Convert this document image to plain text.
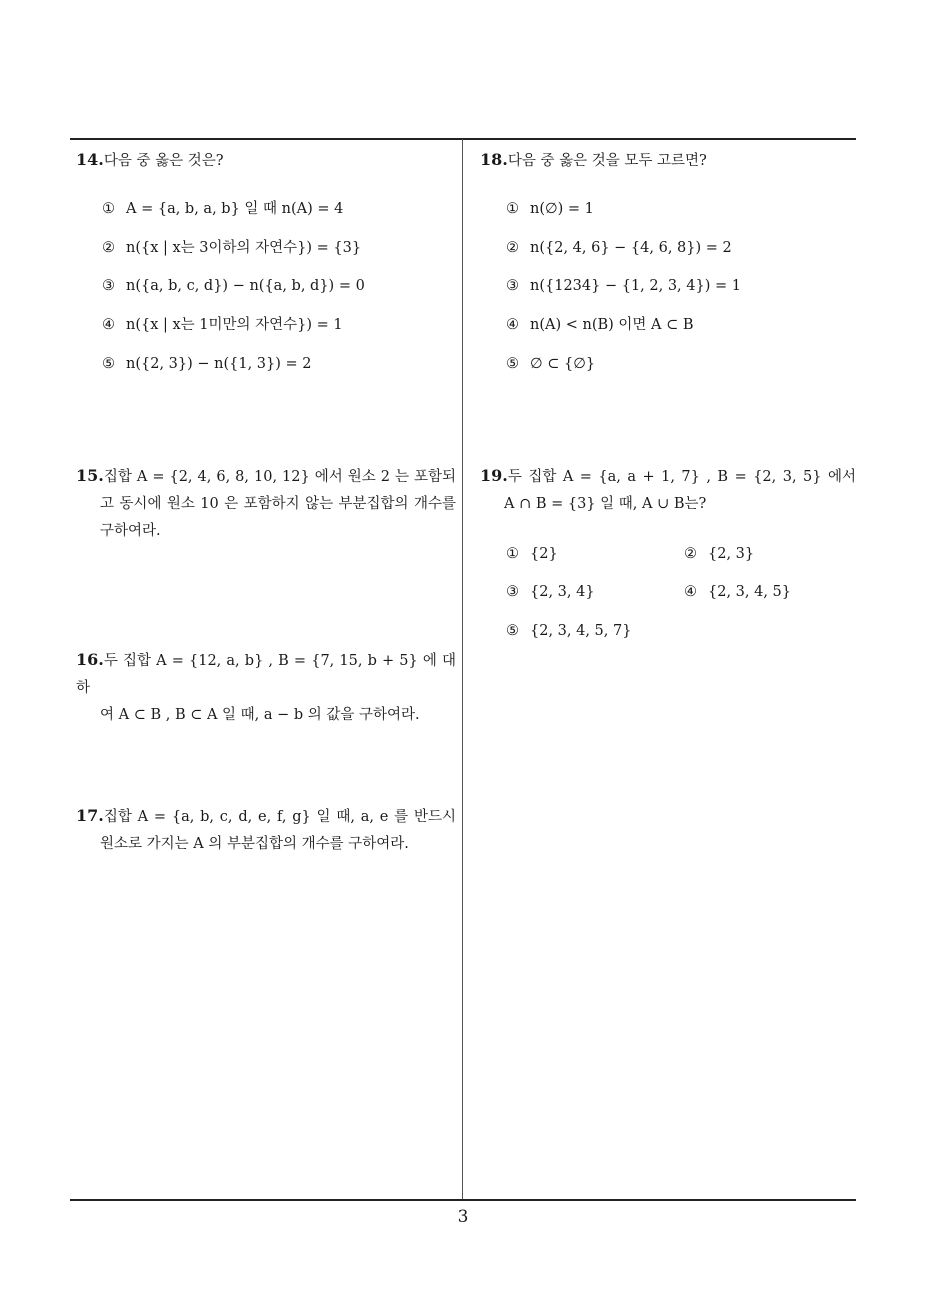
14.다음 중 옳은 것은?
① A = {a, b, a, b} 일 때 n(A) = 4
② n({x | x는 3이하의 자연수}) = {3}
③ n({a, b, c, d}) − n({a, b, d}) = 0
④ n({x | x는 1미만의 자연수}) = 1
⑤ n({2, 3}) − n({1, 3}) = 2
15.집합 A = {2, 4, 6, 8, 10, 12} 에서 원소 2 는 포함되
고 동시에 원소 10 은 포함하지 않는 부분집합의 개수를
구하여라.
16.두 집합 A = {12, a, b} , B = {7, 15, b + 5} 에 대하
여 A ⊂ B , B ⊂ A 일 때, a − b 의 값을 구하여라.
17.집합 A = {a, b, c, d, e, f, g} 일 때, a, e 를 반드시
원소로 가지는 A 의 부분집합의 개수를 구하여라.
18.다음 중 옳은 것을 모두 고르면?
① n(∅) = 1
② n({2, 4, 6} − {4, 6, 8}) = 2
③ n({1234} − {1, 2, 3, 4}) = 1
④ n(A) < n(B) 이면 A ⊂ B
⑤ ∅ ⊂ {∅}
19.두 집합 A = {a, a + 1, 7} , B = {2, 3, 5} 에서
A ∩ B = {3} 일 때, A ∪ B는?
① {2}	② {2, 3}
③ {2, 3, 4}	④ {2, 3, 4, 5}
⑤ {2, 3, 4, 5, 7}
3
